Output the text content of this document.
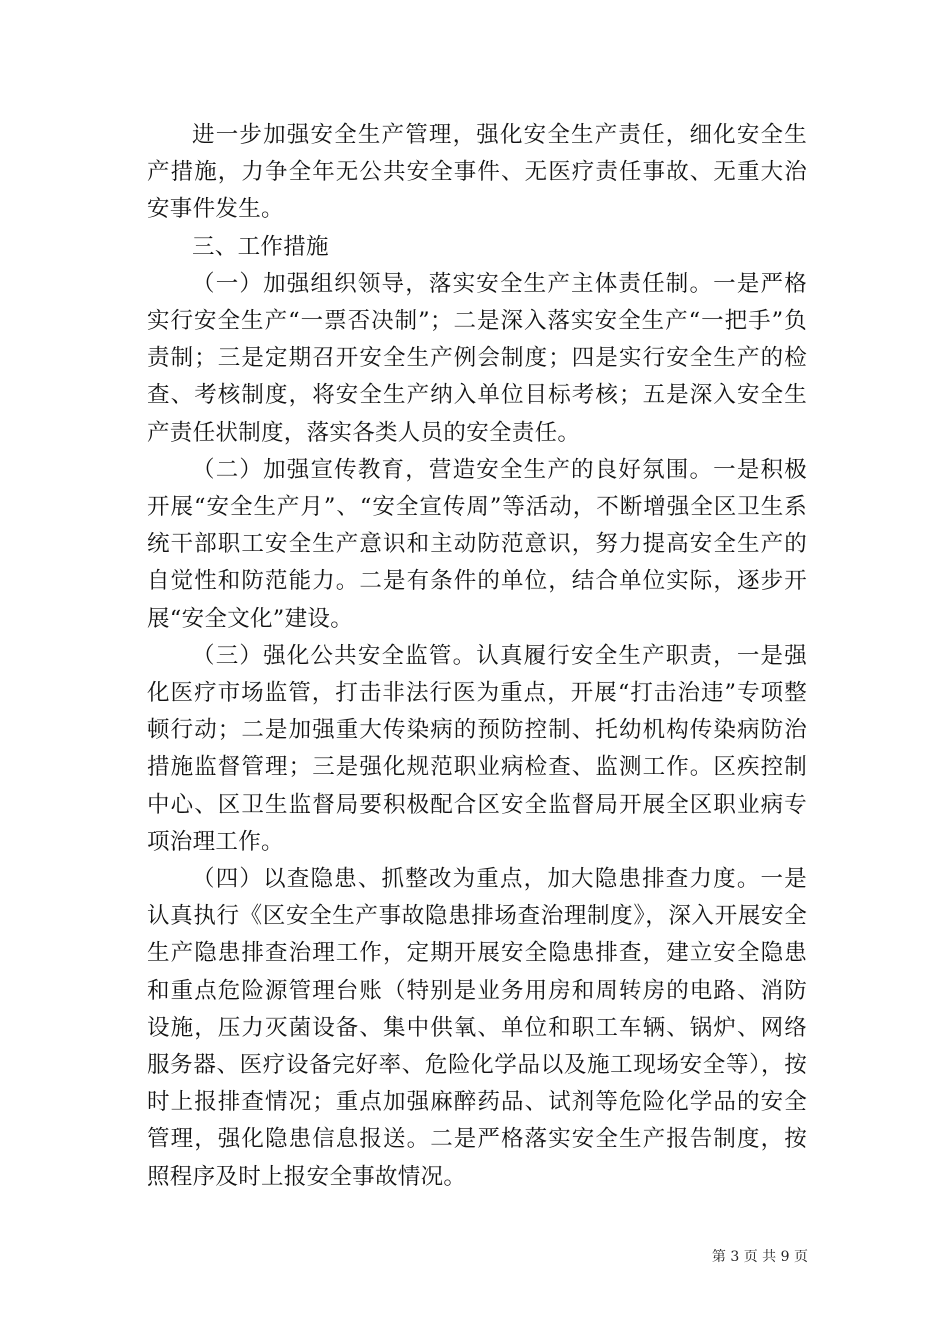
进一步加强安全生产管理，强化安全生产责任，细化安全生产措施，力争全年无公共安全事件、无医疗责任事故、无重大治安事件发生。

三、工作措施

（一）加强组织领导，落实安全生产主体责任制。一是严格实行安全生产“一票否决制”；二是深入落实安全生产“一把手”负责制；三是定期召开安全生产例会制度；四是实行安全生产的检查、考核制度，将安全生产纳入单位目标考核；五是深入安全生产责任状制度，落实各类人员的安全责任。

（二）加强宣传教育，营造安全生产的良好氛围。一是积极开展“安全生产月”、“安全宣传周”等活动，不断增强全区卫生系统干部职工安全生产意识和主动防范意识，努力提高安全生产的自觉性和防范能力。二是有条件的单位，结合单位实际，逐步开展“安全文化”建设。

（三）强化公共安全监管。认真履行安全生产职责，一是强化医疗市场监管，打击非法行医为重点，开展“打击治违”专项整顿行动；二是加强重大传染病的预防控制、托幼机构传染病防治措施监督管理；三是强化规范职业病检查、监测工作。区疾控制中心、区卫生监督局要积极配合区安全监督局开展全区职业病专项治理工作。

（四）以查隐患、抓整改为重点，加大隐患排查力度。一是认真执行《区安全生产事故隐患排场查治理制度》，深入开展安全生产隐患排查治理工作，定期开展安全隐患排查，建立安全隐患和重点危险源管理台账（特别是业务用房和周转房的电路、消防设施，压力灭菌设备、集中供氧、单位和职工车辆、锅炉、网络服务器、医疗设备完好率、危险化学品以及施工现场安全等），按时上报排查情况；重点加强麻醉药品、试剂等危险化学品的安全管理，强化隐患信息报送。二是严格落实安全生产报告制度，按照程序及时上报安全事故情况。

第 3 页 共 9 页
